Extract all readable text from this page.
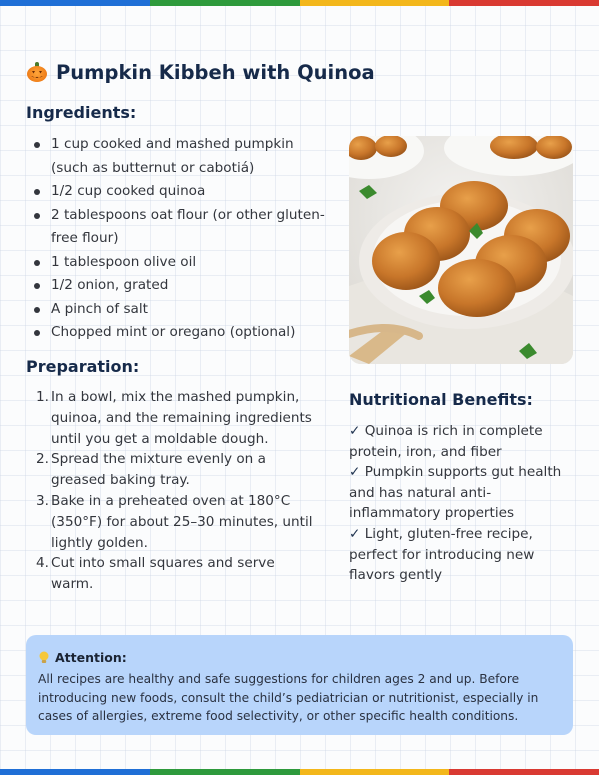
Pumpkin Kibbeh with Quinoa
Ingredients:
1 cup cooked and mashed pumpkin (such as butternut or cabotiá)
1/2 cup cooked quinoa
2 tablespoons oat flour (or other gluten-free flour)
1 tablespoon olive oil
1/2 onion, grated
A pinch of salt
Chopped mint or oregano (optional)
Preparation:
1. In a bowl, mix the mashed pumpkin, quinoa, and the remaining ingredients until you get a moldable dough.
2. Spread the mixture evenly on a greased baking tray.
3. Bake in a preheated oven at 180°C (350°F) for about 25–30 minutes, until lightly golden.
4. Cut into small squares and serve warm.
Nutritional Benefits:
✓ Quinoa is rich in complete protein, iron, and fiber
✓ Pumpkin supports gut health and has natural anti-inflammatory properties
✓ Light, gluten-free recipe, perfect for introducing new flavors gently
Attention:
All recipes are healthy and safe suggestions for children ages 2 and up. Before introducing new foods, consult the child’s pediatrician or nutritionist, especially in cases of allergies, extreme food selectivity, or other specific health conditions.
